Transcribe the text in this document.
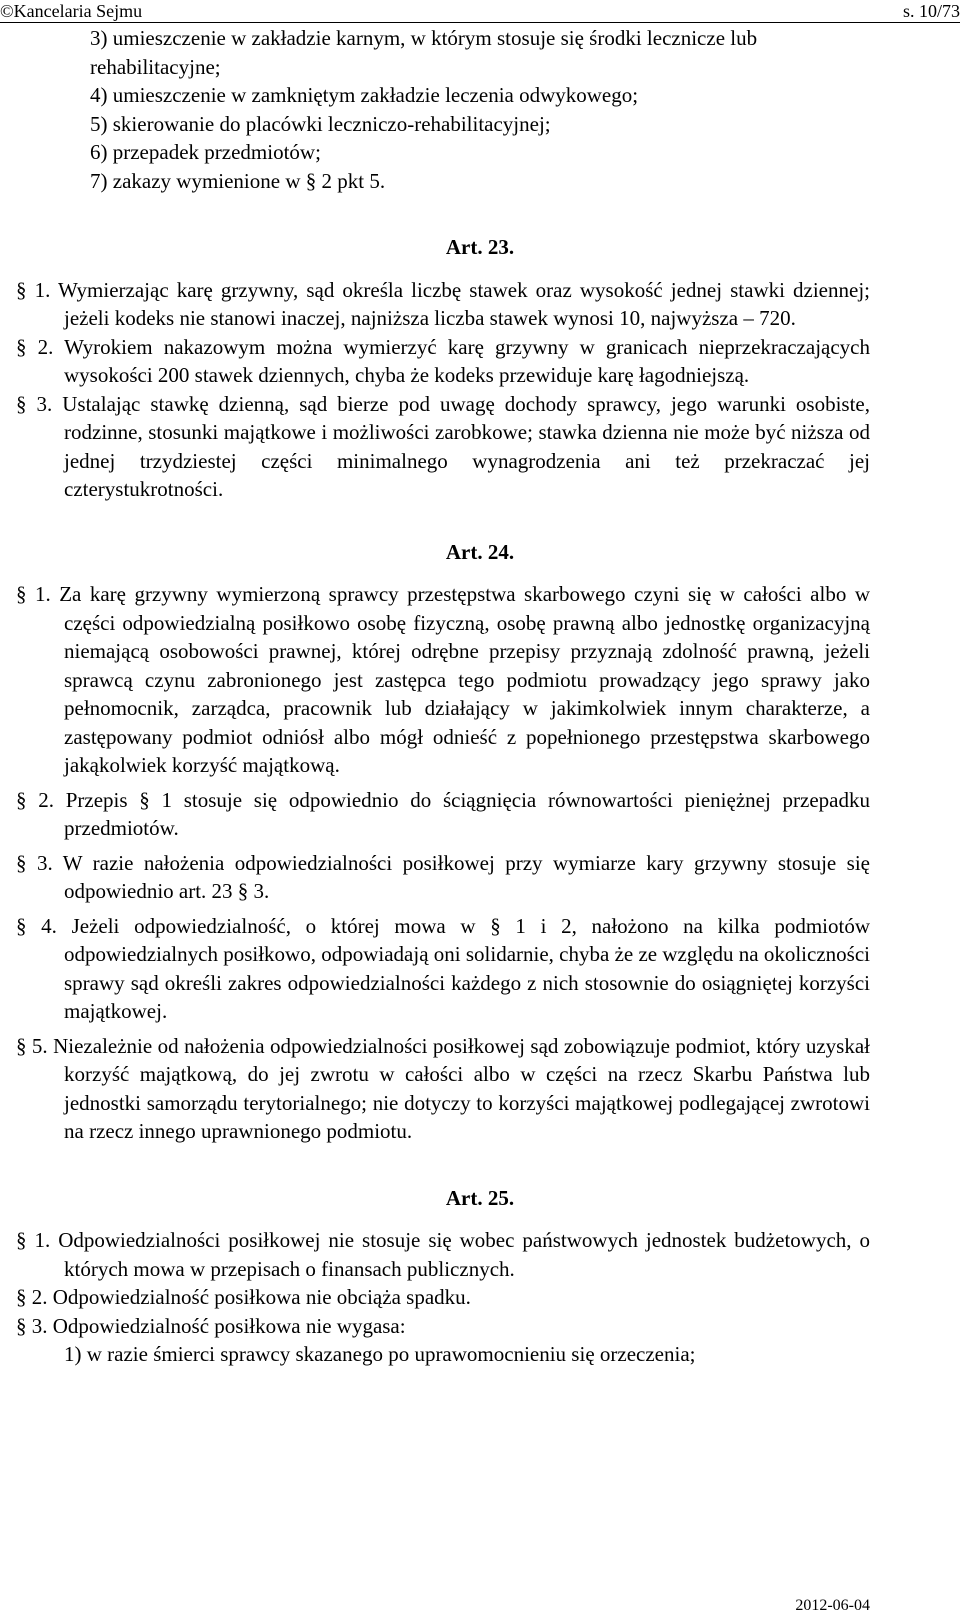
©Kancelaria Sejmu	s. 10/73

3) umieszczenie w zakładzie karnym, w którym stosuje się środki lecznicze lub rehabilitacyjne;

4) umieszczenie w zamkniętym zakładzie leczenia odwykowego;

5) skierowanie do placówki leczniczo-rehabilitacyjnej;

6) przepadek przedmiotów;

7) zakazy wymienione w § 2 pkt 5.

Art. 23.

§ 1. Wymierzając karę grzywny, sąd określa liczbę stawek oraz wysokość jednej stawki dziennej; jeżeli kodeks nie stanowi inaczej, najniższa liczba stawek wynosi 10, najwyższa – 720.

§ 2. Wyrokiem nakazowym można wymierzyć karę grzywny w granicach nieprzekraczających wysokości 200 stawek dziennych, chyba że kodeks przewiduje karę łagodniejszą.

§ 3. Ustalając stawkę dzienną, sąd bierze pod uwagę dochody sprawcy, jego warunki osobiste, rodzinne, stosunki majątkowe i możliwości zarobkowe; stawka dzienna nie może być niższa od jednej trzydziestej części minimalnego wynagrodzenia ani też przekraczać jej czterystukrotności.

Art. 24.

§ 1. Za karę grzywny wymierzoną sprawcy przestępstwa skarbowego czyni się w całości albo w części odpowiedzialną posiłkowo osobę fizyczną, osobę prawną albo jednostkę organizacyjną niemającą osobowości prawnej, której odrębne przepisy przyznają zdolność prawną, jeżeli sprawcą czynu zabronionego jest zastępca tego podmiotu prowadzący jego sprawy jako pełnomocnik, zarządca, pracownik lub działający w jakimkolwiek innym charakterze, a zastępowany podmiot odniósł albo mógł odnieść z popełnionego przestępstwa skarbowego jakąkolwiek korzyść majątkową.

§ 2. Przepis § 1 stosuje się odpowiednio do ściągnięcia równowartości pieniężnej przepadku przedmiotów.

§ 3. W razie nałożenia odpowiedzialności posiłkowej przy wymiarze kary grzywny stosuje się odpowiednio art. 23 § 3.

§ 4. Jeżeli odpowiedzialność, o której mowa w § 1 i 2, nałożono na kilka podmiotów odpowiedzialnych posiłkowo, odpowiadają oni solidarnie, chyba że ze względu na okoliczności sprawy sąd określi zakres odpowiedzialności każdego z nich stosownie do osiągniętej korzyści majątkowej.

§ 5. Niezależnie od nałożenia odpowiedzialności posiłkowej sąd zobowiązuje podmiot, który uzyskał korzyść majątkową, do jej zwrotu w całości albo w części na rzecz Skarbu Państwa lub jednostki samorządu terytorialnego; nie dotyczy to korzyści majątkowej podlegającej zwrotowi na rzecz innego uprawnionego podmiotu.

Art. 25.

§ 1. Odpowiedzialności posiłkowej nie stosuje się wobec państwowych jednostek budżetowych, o których mowa w przepisach o finansach publicznych.

§ 2. Odpowiedzialność posiłkowa nie obciąża spadku.

§ 3. Odpowiedzialność posiłkowa nie wygasa:

1) w razie śmierci sprawcy skazanego po uprawomocnieniu się orzeczenia;

2012-06-04
